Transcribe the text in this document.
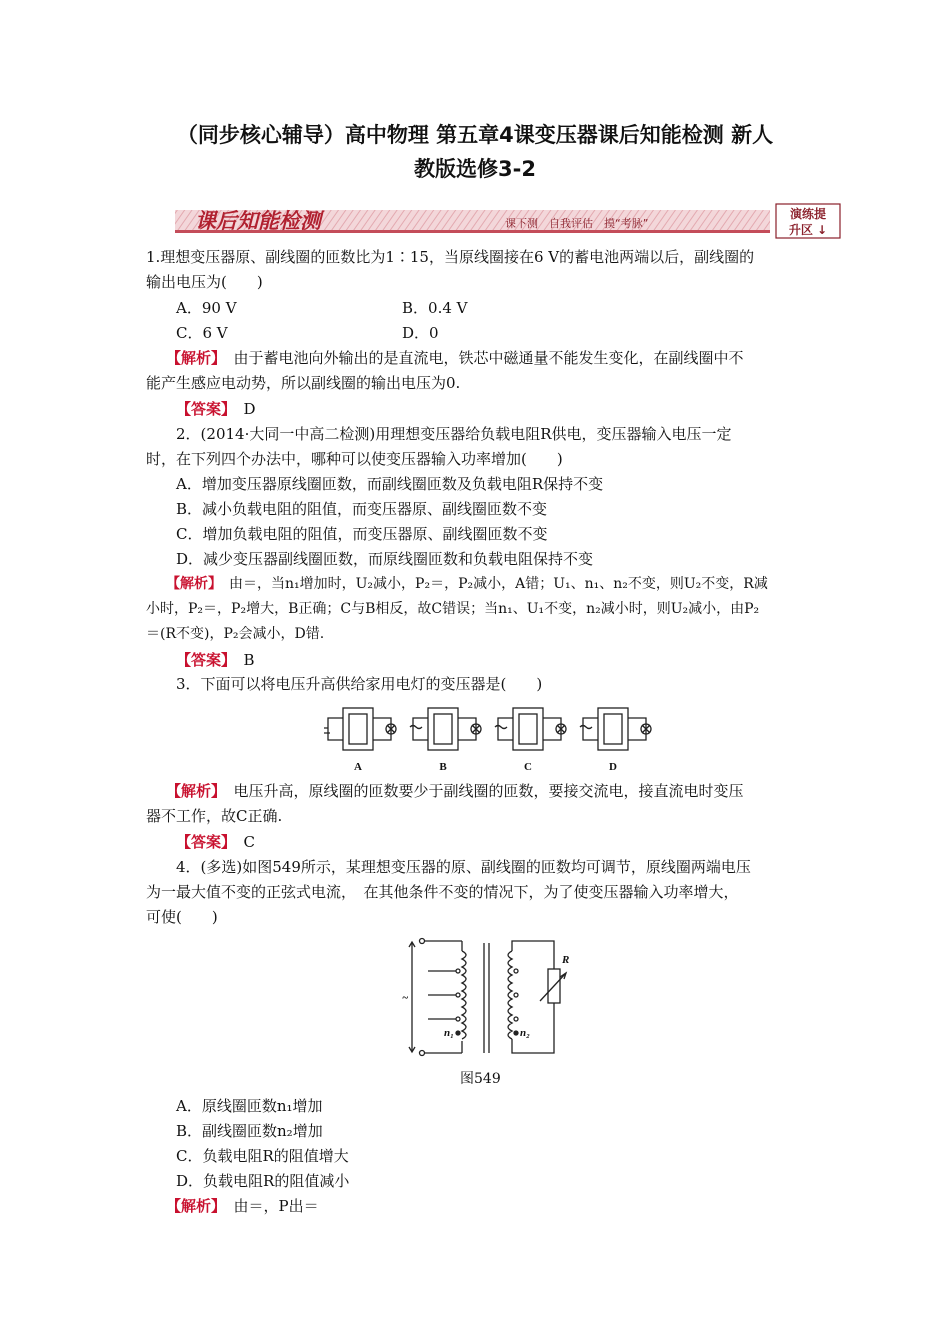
（同步核心辅导）高中物理 第五章4课变压器课后知能检测 新人
教版选修3-2
课后知能检测	课下测　自我评估　摸“考脉”
演练提
升区 ↓
1.理想变压器原、副线圈的匝数比为1∶15，当原线圈接在6 V的蓄电池两端以后，副线圈的
输出电压为(　　)
A．90 V	B．0.4 V
C．6 V	D．0
【解析】　 由于蓄电池向外输出的是直流电，铁芯中磁通量不能发生变化，在副线圈中不
能产生感应电动势，所以副线圈的输出电压为0.
【答案】　 D
2．(2014·大同一中高二检测)用理想变压器给负载电阻R供电，变压器输入电压一定
时，在下列四个办法中，哪种可以使变压器输入功率增加(　　)
A．增加变压器原线圈匝数，而副线圈匝数及负载电阻R保持不变
B．减小负载电阻的阻值，而变压器原、副线圈匝数不变
C．增加负载电阻的阻值，而变压器原、副线圈匝数不变
D．减少变压器副线圈匝数，而原线圈匝数和负载电阻保持不变
【解析】　 由＝，当n₁增加时，U₂减小，P₂＝，P₂减小，A错；U₁、n₁、n₂不变，则U₂不变，R减
小时，P₂＝，P₂增大，B正确；C与B相反，故C错误；当n₁、U₁不变，n₂减小时，则U₂减小，由P₂
＝(R不变)，P₂会减小，D错.
【答案】　 B
3．下面可以将电压升高供给家用电灯的变压器是(　　)
A	B	C	D
【解析】　 电压升高，原线圈的匝数要少于副线圈的匝数，要接交流电，接直流电时变压
器不工作，故C正确.
【答案】　 C
4．(多选)如图549所示，某理想变压器的原、副线圈的匝数均可调节，原线圈两端电压
为一最大值不变的正弦式电流，　在其他条件不变的情况下，为了使变压器输入功率增大，
可使(　　)
~
n₁	n₂
R
图549
A．原线圈匝数n₁增加
B．副线圈匝数n₂增加
C．负载电阻R的阻值增大
D．负载电阻R的阻值减小
【解析】　 由＝，P出＝
